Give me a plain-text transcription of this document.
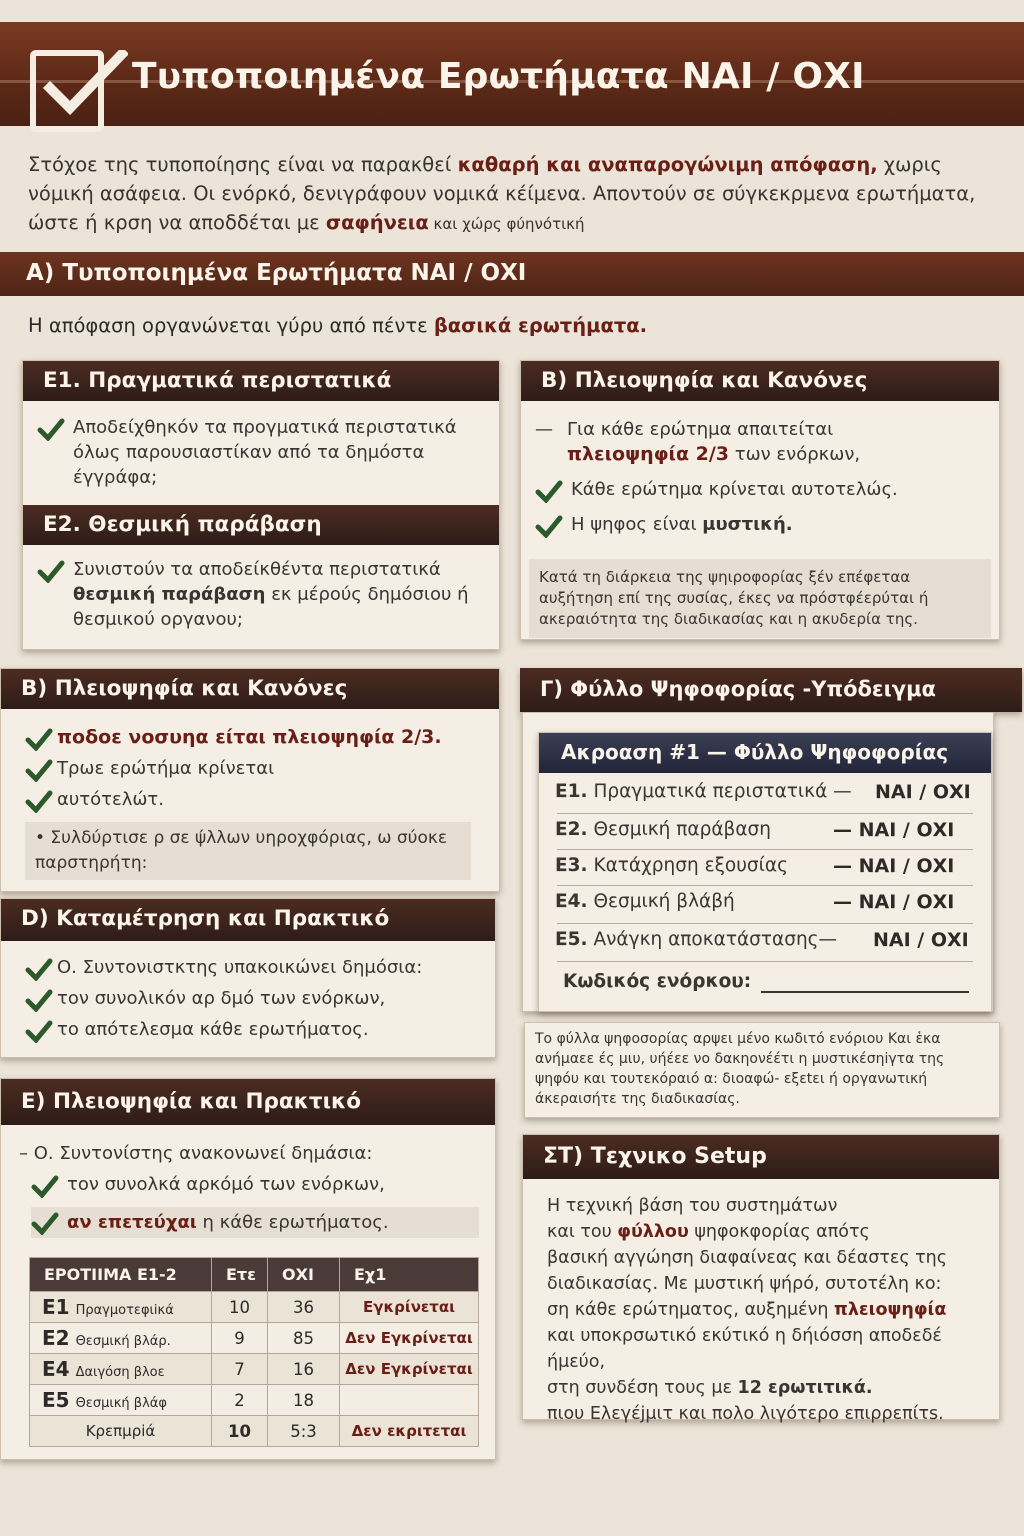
Τυποποιημένα Ερωτήματα ΝΑΙ / ΟΧΙ
Στόχοε της τυποποίησης είναι να παρακθεί καθαρή και αναπαρογώνιμη απόφαση, χωρις νόμική ασάφεια. Οι ενόρκό, δενιγράφουν νομικά κέίμενα. Αποντούν σε σύγκεκρμενα ερωτήματα, ώστε ή κρση να αποδδέται με σαφήνεια και χώρς φύηνότική
A) Τυποποιημένα Ερωτήματα ΝΑΙ / ΟΧΙ
Η απόφαση οργανώνεται γύρυ από πέντε βασικά ερωτήματα.
Ε1. Πραγματικά περιστατικά
Αποδείχθηκόν τα προγματικά περιστατικά όλως παρουσιαστίκαν από τα δημόστα έγγράφα;
Ε2. Θεσμική παράβαση
Συνιστούν τα αποδείκθέντα περιστατικά θεσμική παράβαση εκ μέρούς δημόσιου ή θεσμικού οργανου;
B) Πλειοψηφία και Κανόνες
— Για κάθε ερώτημα απαιτείται
πλειοψηφία 2/3 των ενόρκων,
Κάθε ερώτημα κρίνεται αυτοτελώς.
Η ψηφος είναι μυστική.
Κατά τη διάρκεια της ψηιροφορίας ξέν επέφεταα αυξήτηση επί της συσίας, έκες να πρόστφέερύται ή ακεραιότητα της διαδικασίας και η ακυδερία της.
B) Πλειοψηφία και Κανόνες
ποδοε νοσυηα είται πλειοψηφία 2/3.
Τρωε ερώτήμα κρίνεται
αυτότελώτ.
• Συλδύρτισε ρ σε ψ́λλων υηροχφόριας, ω σύοκε παρστηρήτη:
D) Καταμέτρηση και Πρακτικό
Ο. Συντονιστκτης υπακοικώνει δημόσια:
τον συνολικόν αρ δμό των ενόρκων,
το απότελεσμα κάθε ερωτήματος.
E) Πλειοψηφία και Πρακτικό
– Ο. Συντονίστης ανακονωνεί δημάσια:
τον συνολκά αρκόμό των ενόρκων,
αν επετεύχαι η κάθε ερωτήματος.
ΕΡΟΤΙΙΜΑ Ε1-2	Ετε	ΟΧΙ	Εχ1
Ε1 Πραγμοτεφιiκά	10	36	Εγκρίνεται
Ε2 Θεσμική βλάρ.	9	85	Δεν Εγκρίνεται
Ε4 Δαιγόση βλοε	7	16	Δεν Εγκρίνεται
Ε5 Θεσμική βλάφ	2	18	
Κρεπμρiά	10	5:3	Δεν εκριτεται
Γ) Φύλλο Ψηφοφορίας -Υπόδειγμα
Ακροαση #1 — Φύλλο Ψηφοφορίας
Ε1. Πραγματικά περιστατικά — ΝΑΙ / ΟΧΙ
Ε2. Θεσμική παράβαση	— ΝΑΙ / ΟΧΙ
Ε3. Κατάχρηση εξουσίας — ΝΑΙ / ΟΧΙ
Ε4. Θεσμική βλάβή	— ΝΑΙ / ΟΧΙ
Ε5. Ανάγκη αποκατάστασης— ΝΑΙ / ΟΧΙ
Κωδικός ενόρκου:
Το φύλλα ψηφοσορίας αρψει μένο κωδιτό ενόριου Και ἑκα ανήμαεε ές μιυ, υήέεε νο δακηονέέτι η μυστικέσηiγτα της ψηφόυ και τουτεκόραιό α: διοαφώ- εξεtει ή οργανωτική άκεραισήτε της διαδικασίας.
ΣΤ) Τεχνικο Setup
Η τεχνική βάση του συστημάτων
και του φύλλου ψηφοκφορίας απότς
βασική αγγώηση διαφαίνεας και δέαστες της
διαδικασίας. Με μυστική ψήρό, συτοτέλη κο:
ση κάθε ερώτηματος, αυξημένη πλειοψηφία
και υποκρσωτικό εκύτικό η δήιόσση αποδεδέ ήμεύο,
στη συνδέση τους με 12 ερωτιτικά.
πιου Ελεγέjμιτ και πολο λιγότερο επιρρεπίτs.
